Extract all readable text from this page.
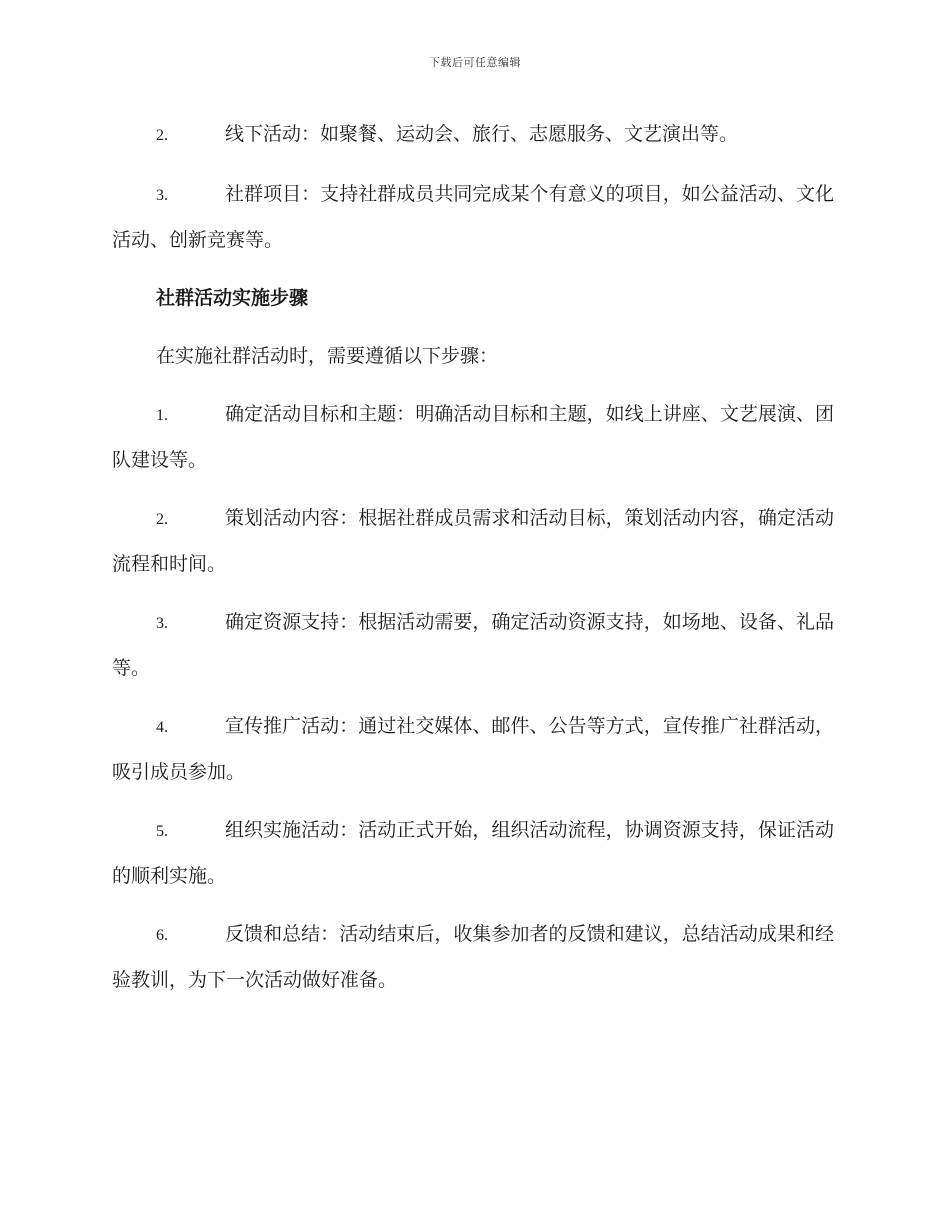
下载后可任意编辑
2.	线下活动：如聚餐、运动会、旅行、志愿服务、文艺演出等。
3.	社群项目：支持社群成员共同完成某个有意义的项目，如公益活动、文化活动、创新竞赛等。
社群活动实施步骤
在实施社群活动时，需要遵循以下步骤：
1.	确定活动目标和主题：明确活动目标和主题，如线上讲座、文艺展演、团队建设等。
2.	策划活动内容：根据社群成员需求和活动目标，策划活动内容，确定活动流程和时间。
3.	确定资源支持：根据活动需要，确定活动资源支持，如场地、设备、礼品等。
4.	宣传推广活动：通过社交媒体、邮件、公告等方式，宣传推广社群活动，吸引成员参加。
5.	组织实施活动：活动正式开始，组织活动流程，协调资源支持，保证活动的顺利实施。
6.	反馈和总结：活动结束后，收集参加者的反馈和建议，总结活动成果和经验教训，为下一次活动做好准备。
